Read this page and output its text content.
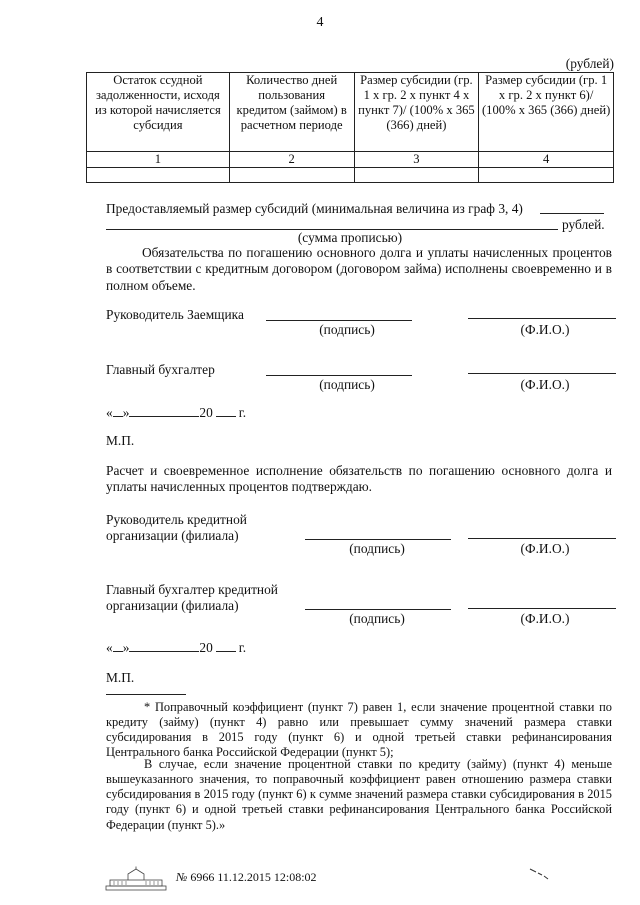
4
(рублей)
Остаток ссудной задолженности, исходя из которой начисляется субсидия	Количество дней пользования кредитом (займом) в расчетном периоде	Размер субсидии (гр. 1 х гр. 2 х пункт 4 х пункт 7)/ (100% х 365 (366) дней)	Размер субсидии (гр. 1 х гр. 2 х пункт 6)/ (100% х 365 (366) дней)
1	2	3	4

Предоставляемый размер субсидий (минимальная величина из граф 3, 4)
рублей.
(сумма прописью)
Обязательства по погашению основного долга и уплаты начисленных процентов в соответствии с кредитным договором (договором займа) исполнены своевременно и в полном объеме.
Руководитель Заемщика
(подпись)	(Ф.И.О.)
Главный бухгалтер
(подпись)	(Ф.И.О.)
« »	20 г.
М.П.
Расчет и своевременное исполнение обязательств по погашению основного долга и уплаты начисленных процентов подтверждаю.
Руководитель кредитной
организации (филиала)
(подпись)	(Ф.И.О.)
Главный бухгалтер кредитной
организации (филиала)
(подпись)	(Ф.И.О.)
« »	20 г.
М.П.
* Поправочный коэффициент (пункт 7) равен 1, если значение процентной ставки по кредиту (займу) (пункт 4) равно или превышает сумму значений размера ставки субсидирования в 2015 году (пункт 6) и одной третьей ставки рефинансирования Центрального банка Российской Федерации (пункт 5);
В случае, если значение процентной ставки по кредиту (займу) (пункт 4) меньше вышеуказанного значения, то поправочный коэффициент равен отношению размера ставки субсидирования в 2015 году (пункт 6) к сумме значений размера ставки субсидирования в 2015 году (пункт 6) и одной третьей ставки рефинансирования Центрального банка Российской Федерации (пункт 5).»
№ 6966 11.12.2015 12:08:02
